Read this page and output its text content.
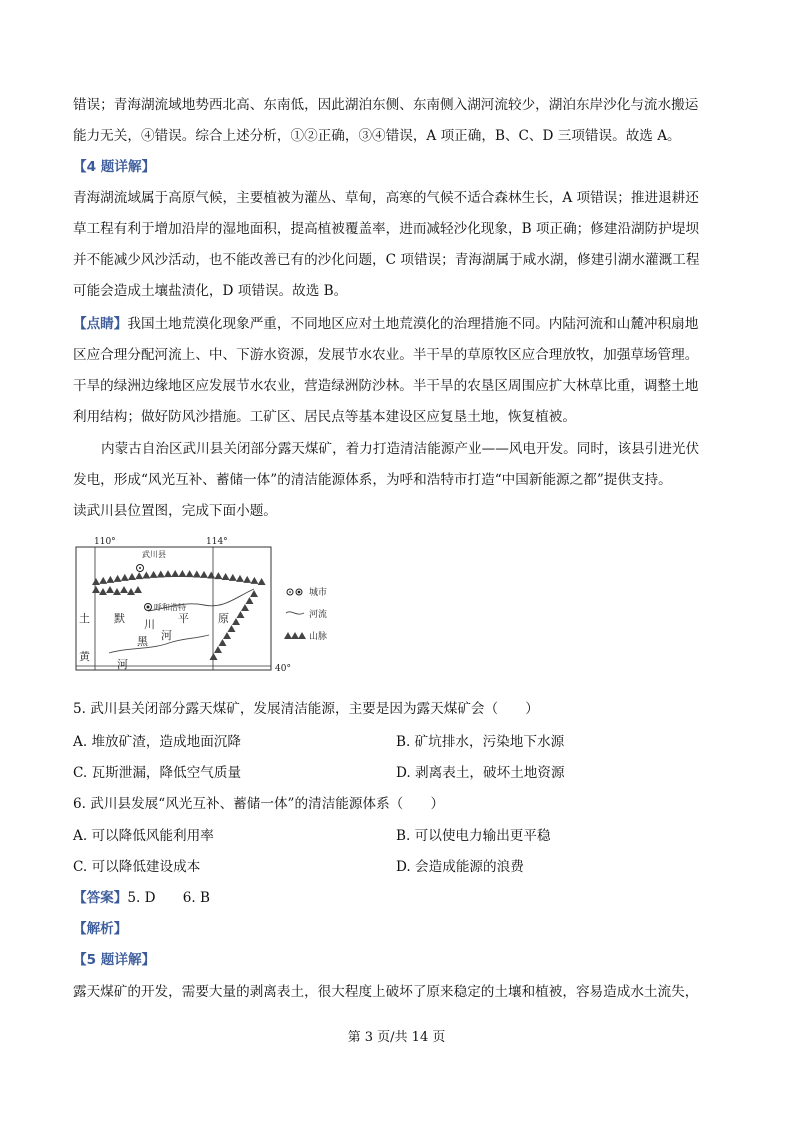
错误；青海湖流域地势西北高、东南低，因此湖泊东侧、东南侧入湖河流较少，湖泊东岸沙化与流水搬运
能力无关，④错误。综合上述分析，①②正确，③④错误，A 项正确，B、C、D 三项错误。故选 A。
【4 题详解】
青海湖流域属于高原气候，主要植被为灌丛、草甸，高寒的气候不适合森林生长，A 项错误；推进退耕还
草工程有利于增加沿岸的湿地面积，提高植被覆盖率，进而减轻沙化现象，B 项正确；修建沿湖防护堤坝
并不能减少风沙活动，也不能改善已有的沙化问题，C 项错误；青海湖属于咸水湖，修建引湖水灌溉工程
可能会造成土壤盐渍化，D 项错误。故选 B。
【点睛】我国土地荒漠化现象严重，不同地区应对土地荒漠化的治理措施不同。内陆河流和山麓冲积扇地
区应合理分配河流上、中、下游水资源，发展节水农业。半干旱的草原牧区应合理放牧，加强草场管理。
干旱的绿洲边缘地区应发展节水农业，营造绿洲防沙林。半干旱的农垦区周围应扩大林草比重，调整土地
利用结构；做好防风沙措施。工矿区、居民点等基本建设区应复垦土地，恢复植被。
内蒙古自治区武川县关闭部分露天煤矿，着力打造清洁能源产业——风电开发。同时，该县引进光伏
发电，形成“风光互补、蓄储一体”的清洁能源体系，为呼和浩特市打造“中国新能源之都”提供支持。
读武川县位置图，完成下面小题。
110°	114°
40°
武川县
呼和浩特
土 默 川 平	原
黑 河
黄
河
城市
河流
山脉
5. 武川县关闭部分露天煤矿，发展清洁能源，主要是因为露天煤矿会（　　）
A. 堆放矿渣，造成地面沉降	B. 矿坑排水，污染地下水源
C. 瓦斯泄漏，降低空气质量	D. 剥离表土，破坏土地资源
6. 武川县发展“风光互补、蓄储一体”的清洁能源体系（　　）
A. 可以降低风能利用率	B. 可以使电力输出更平稳
C. 可以降低建设成本	D. 会造成能源的浪费
【答案】5. D　　6. B
【解析】
【5 题详解】
露天煤矿的开发，需要大量的剥离表土，很大程度上破坏了原来稳定的土壤和植被，容易造成水土流失，
第 3 页/共 14 页
